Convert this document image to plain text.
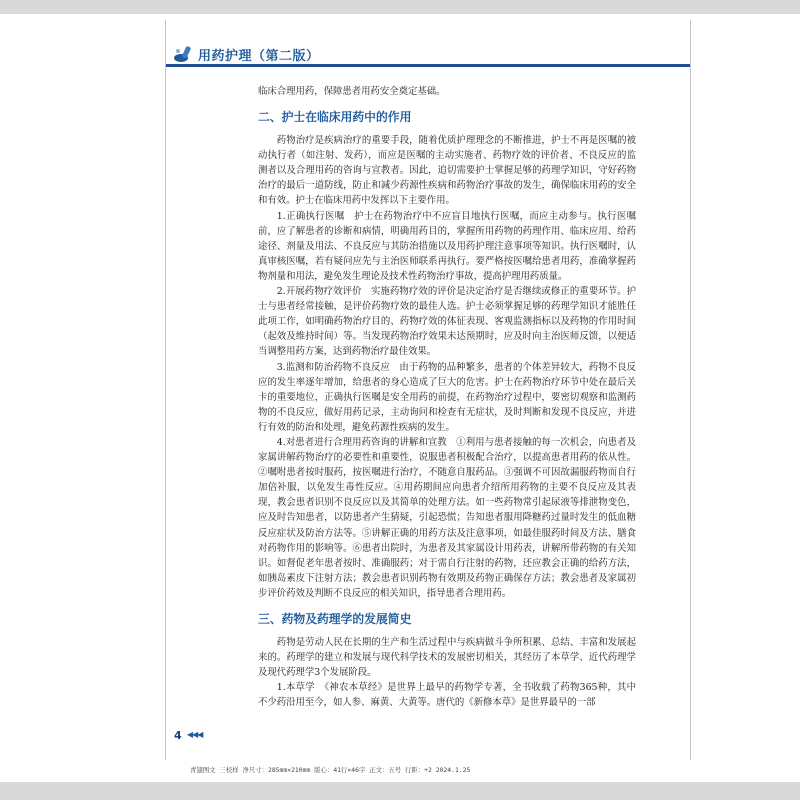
用药护理（第二版）

临床合理用药，保障患者用药安全奠定基础。

二、护士在临床用药中的作用

药物治疗是疾病治疗的重要手段，随着优质护理理念的不断推进，护士不再是医嘱的被动执行者（如注射、发药），而应是医嘱的主动实施者、药物疗效的评价者、不良反应的监测者以及合理用药的咨询与宣教者。因此，追切需要护士掌握足够的药理学知识，守好药物治疗的最后一道防线，防止和减少药源性疾病和药物治疗事故的发生，确保临床用药的安全和有效。护士在临床用药中发挥以下主要作用。

1.正确执行医嘱　护士在药物治疗中不应盲目地执行医嘱，而应主动参与。执行医嘱前，应了解患者的诊断和病情，明确用药目的，掌握所用药物的药理作用、临床应用、给药途径、剂量及用法、不良反应与其防治措施以及用药护理注意事项等知识。执行医嘱时，认真审核医嘱，若有疑问应先与主治医师联系再执行。要严格按医嘱给患者用药，准确掌握药物剂量和用法，避免发生理论及技术性药物治疗事故，提高护理用药质量。

2.开展药物疗效评价　实施药物疗效的评价是决定治疗是否继续或修正的重要环节。护士与患者经常接触，是评价药物疗效的最佳人选。护士必须掌握足够的药理学知识才能胜任此项工作，如明确药物治疗目的、药物疗效的体征表现、客观监测指标以及药物的作用时间（起效及维持时间）等。当发现药物治疗效果未达预期时，应及时向主治医师反馈，以便适当调整用药方案，达到药物治疗最佳效果。

3.监测和防治药物不良反应　由于药物的品种繁多，患者的个体差异较大，药物不良反应的发生率逐年增加，给患者的身心造成了巨大的危害。护士在药物治疗环节中处在最后关卡的重要地位，正确执行医嘱是安全用药的前提，在药物治疗过程中，要密切观察和监测药物的不良反应，做好用药记录，主动询问和检查有无症状，及时判断和发现不良反应，并进行有效的防治和处理，避免药源性疾病的发生。

4.对患者进行合理用药咨询的讲解和宣教　①利用与患者接触的每一次机会，向患者及家属讲解药物治疗的必要性和重要性，说服患者积极配合治疗，以提高患者用药的依从性。②嘱咐患者按时服药，按医嘱进行治疗，不随意自服药品。③强调不可因故漏服药物而自行加倍补服，以免发生毒性反应。④用药期间应向患者介绍所用药物的主要不良反应及其表现，教会患者识别不良反应以及其简单的处理方法。如一些药物常引起尿液等排泄物变色，应及时告知患者，以防患者产生猜疑，引起恐慌；告知患者服用降糖药过量时发生的低血糖反应症状及防治方法等。⑤讲解正确的用药方法及注意事项，如最佳服药时间及方法、膳食对药物作用的影响等。⑥患者出院时，为患者及其家属设计用药表，讲解所带药物的有关知识。如督促老年患者按时、准确服药；对于需自行注射的药物，还应教会正确的给药方法，如胰岛素皮下注射方法；教会患者识别药物有效期及药物正确保存方法；教会患者及家属初步评价药效及判断不良反应的相关知识，指导患者合理用药。

三、药物及药理学的发展简史

药物是劳动人民在长期的生产和生活过程中与疾病做斗争所积累、总结、丰富和发展起来的。药理学的建立和发展与现代科学技术的发展密切相关，其经历了本草学、近代药理学及现代药理学3个发展阶段。

1.本草学　《神农本草经》是世界上最早的药物学专著，全书收载了药物365种，其中不少药沿用至今，如人参、麻黄、大黄等。唐代的《新修本草》是世界最早的一部

4 ◀◀◀
青翅图文 三校样 净尺寸：285mm×210mm 版心：41行×46字 正文：五号 行距：+2 2024.1.25
